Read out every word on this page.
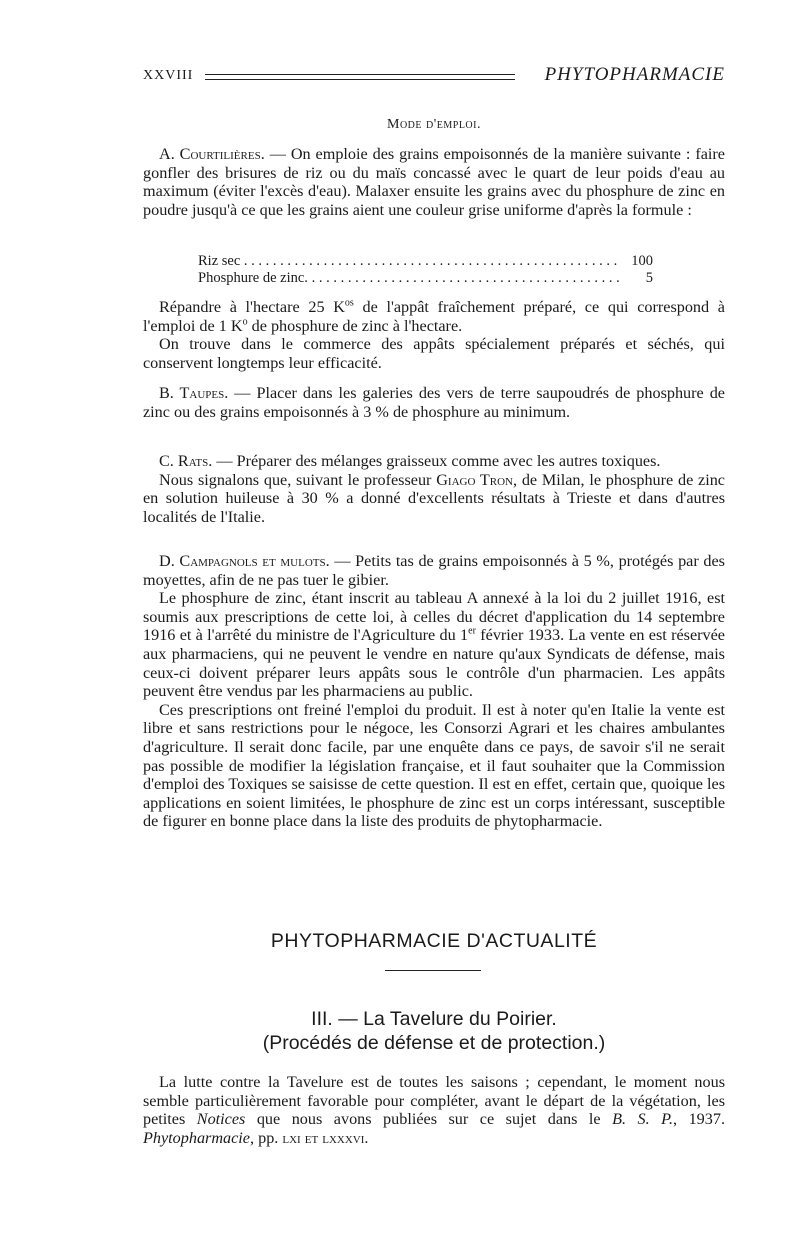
XXVIII	PHYTOPHARMACIE
Mode d'emploi.

A. Courtilières. — On emploie des grains empoisonnés de la manière suivante : faire gonfler des brisures de riz ou du maïs concassé avec le quart de leur poids d'eau au maximum (éviter l'excès d'eau). Malaxer ensuite les grains avec du phosphure de zinc en poudre jusqu'à ce que les grains aient une couleur grise uniforme d'après la formule :

Riz sec . . .	100
Phosphure de zinc. . . .	5

Répandre à l'hectare 25 $K^{os}$ de l'appât fraîchement préparé, ce qui correspond à l'emploi de 1 $K^o$ de phosphure de zinc à l'hectare.

On trouve dans le commerce des appâts spécialement préparés et séchés, qui conservent longtemps leur efficacité.

B. Taupes. — Placer dans les galeries des vers de terre saupoudrés de phosphure de zinc ou des grains empoisonnés à 3 % de phosphure au minimum.

C. Rats. — Préparer des mélanges graisseux comme avec les autres toxiques.

Nous signalons que, suivant le professeur Giago Tron, de Milan, le phosphure de zinc en solution huileuse à 30 % a donné d'excellents résultats à Trieste et dans d'autres localités de l'Italie.

D. Campagnols et mulots. — Petits tas de grains empoisonnés à 5 %, protégés par des moyettes, afin de ne pas tuer le gibier.

Le phosphure de zinc, étant inscrit au tableau A annexé à la loi du 2 juillet 1916, est soumis aux prescriptions de cette loi, à celles du décret d'application du 14 septembre 1916 et à l'arrêté du ministre de l'Agriculture du 1er février 1933. La vente en est réservée aux pharmaciens, qui ne peuvent le vendre en nature qu'aux Syndicats de défense, mais ceux-ci doivent préparer leurs appâts sous le contrôle d'un pharmacien. Les appâts peuvent être vendus par les pharmaciens au public.

Ces prescriptions ont freiné l'emploi du produit. Il est à noter qu'en Italie la vente est libre et sans restrictions pour le négoce, les Consorzi Agrari et les chaires ambulantes d'agriculture. Il serait donc facile, par une enquête dans ce pays, de savoir s'il ne serait pas possible de modifier la législation française, et il faut souhaiter que la Commission d'emploi des Toxiques se saisisse de cette question. Il est en effet, certain que, quoique les applications en soient limitées, le phosphure de zinc est un corps intéressant, susceptible de figurer en bonne place dans la liste des produits de phytopharmacie.

PHYTOPHARMACIE D'ACTUALITÉ
III. — La Tavelure du Poirier.
(Procédés de défense et de protection.)

La lutte contre la Tavelure est de toutes les saisons ; cependant, le moment nous semble particulièrement favorable pour compléter, avant le départ de la végétation, les petites Notices que nous avons publiées sur ce sujet dans le B. S. P., 1937. Phytopharmacie, pp. lxi et lxxxvi.
